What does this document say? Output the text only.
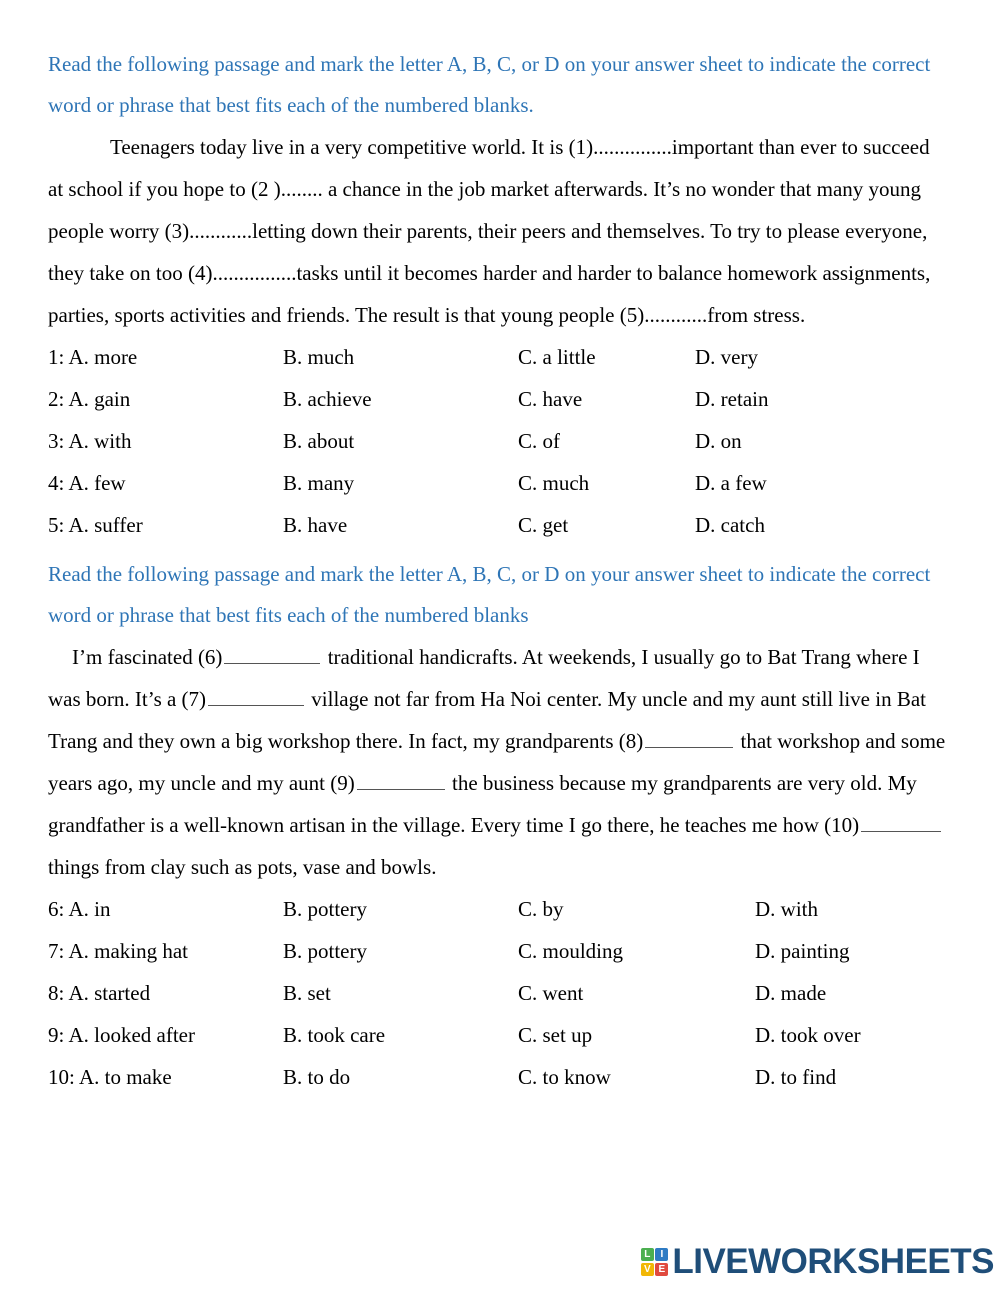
Read the following passage and mark the letter A, B, C, or D on your answer sheet to indicate the correct word or phrase that best fits each of the numbered blanks.

Teenagers today live in a very competitive world. It is (1)...............important than ever to succeed at school if you hope to (2 )........ a chance in the job market afterwards. It’s no wonder that many young people worry (3)............letting down their parents, their peers and themselves. To try to please everyone, they take on too (4)................tasks until it becomes harder and harder to balance homework assignments, parties, sports activities and friends. The result is that young people (5)............from stress.

1: A. more	B. much	C. a little	D. very
2: A. gain	B. achieve	C. have	D. retain
3: A. with	B. about	C. of	D. on
4: A. few	B. many	C. much	D. a few
5: A. suffer	B. have	C. get	D. catch

Read the following passage and mark the letter A, B, C, or D on your answer sheet to indicate the correct word or phrase that best fits each of the numbered blanks

I’m fascinated (6)	traditional handicrafts. At weekends, I usually go to Bat Trang where I was born. It’s a (7)	village not far from Ha Noi center. My uncle and my aunt still live in Bat Trang and they own a big workshop there. In fact, my grandparents (8)	that workshop and some years ago, my uncle and my aunt (9)	the business because my grandparents are very old. My grandfather is a well-known artisan in the village. Every time I go there, he teaches me how (10) things from clay such as pots, vase and bowls.

6: A. in	B. pottery	C. by	D. with
7: A. making hat	B. pottery	C. moulding	D. painting
8: A. started	B. set	C. went	D. made
9: A. looked after	B. took care	C. set up	D. took over
10: A. to make	B. to do	C. to know	D. to find
L	I
V E LIVEWORKSHEETS
